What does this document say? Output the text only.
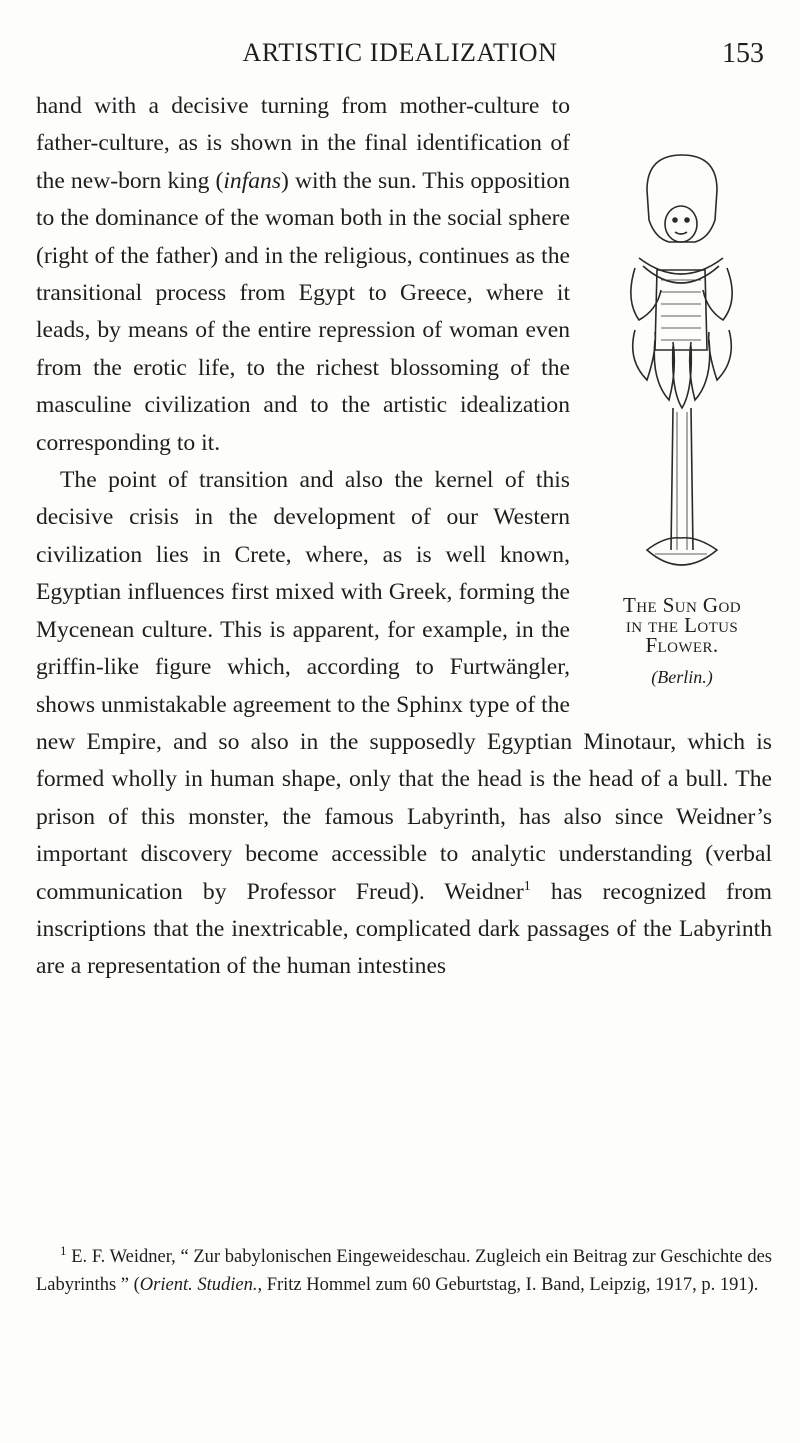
ARTISTIC IDEALIZATION	153
The Sun God
in the Lotus
Flower.
(Berlin.)

hand with a decisive turning from mother-culture to father-culture, as is shown in the final identification of the new-born king (infans) with the sun. This opposition to the dominance of the woman both in the social sphere (right of the father) and in the religious, continues as the transitional process from Egypt to Greece, where it leads, by means of the entire repression of woman even from the erotic life, to the richest blossoming of the masculine civilization and to the artistic idealization corresponding to it.

The point of transition and also the kernel of this decisive crisis in the development of our Western civilization lies in Crete, where, as is well known, Egyptian influences first mixed with Greek, forming the Mycenean culture. This is apparent, for example, in the griffin-like figure which, according to Furtwängler, shows unmistakable agreement to the Sphinx type of the new Empire, and so also in the supposedly Egyptian Minotaur, which is formed wholly in human shape, only that the head is the head of a bull. The prison of this monster, the famous Labyrinth, has also since Weidner’s important discovery become accessible to analytic understanding (verbal communication by Professor Freud). Weidner$^1$ has recognized from inscriptions that the inextricable, complicated dark passages of the Labyrinth are a representation of the human intestines

$^1$ E. F. Weidner, “ Zur babylonischen Eingeweideschau. Zugleich ein Beitrag zur Geschichte des Labyrinths ” (Orient. Studien., Fritz Hommel zum 60 Geburtstag, I. Band, Leipzig, 1917, p. 191).
